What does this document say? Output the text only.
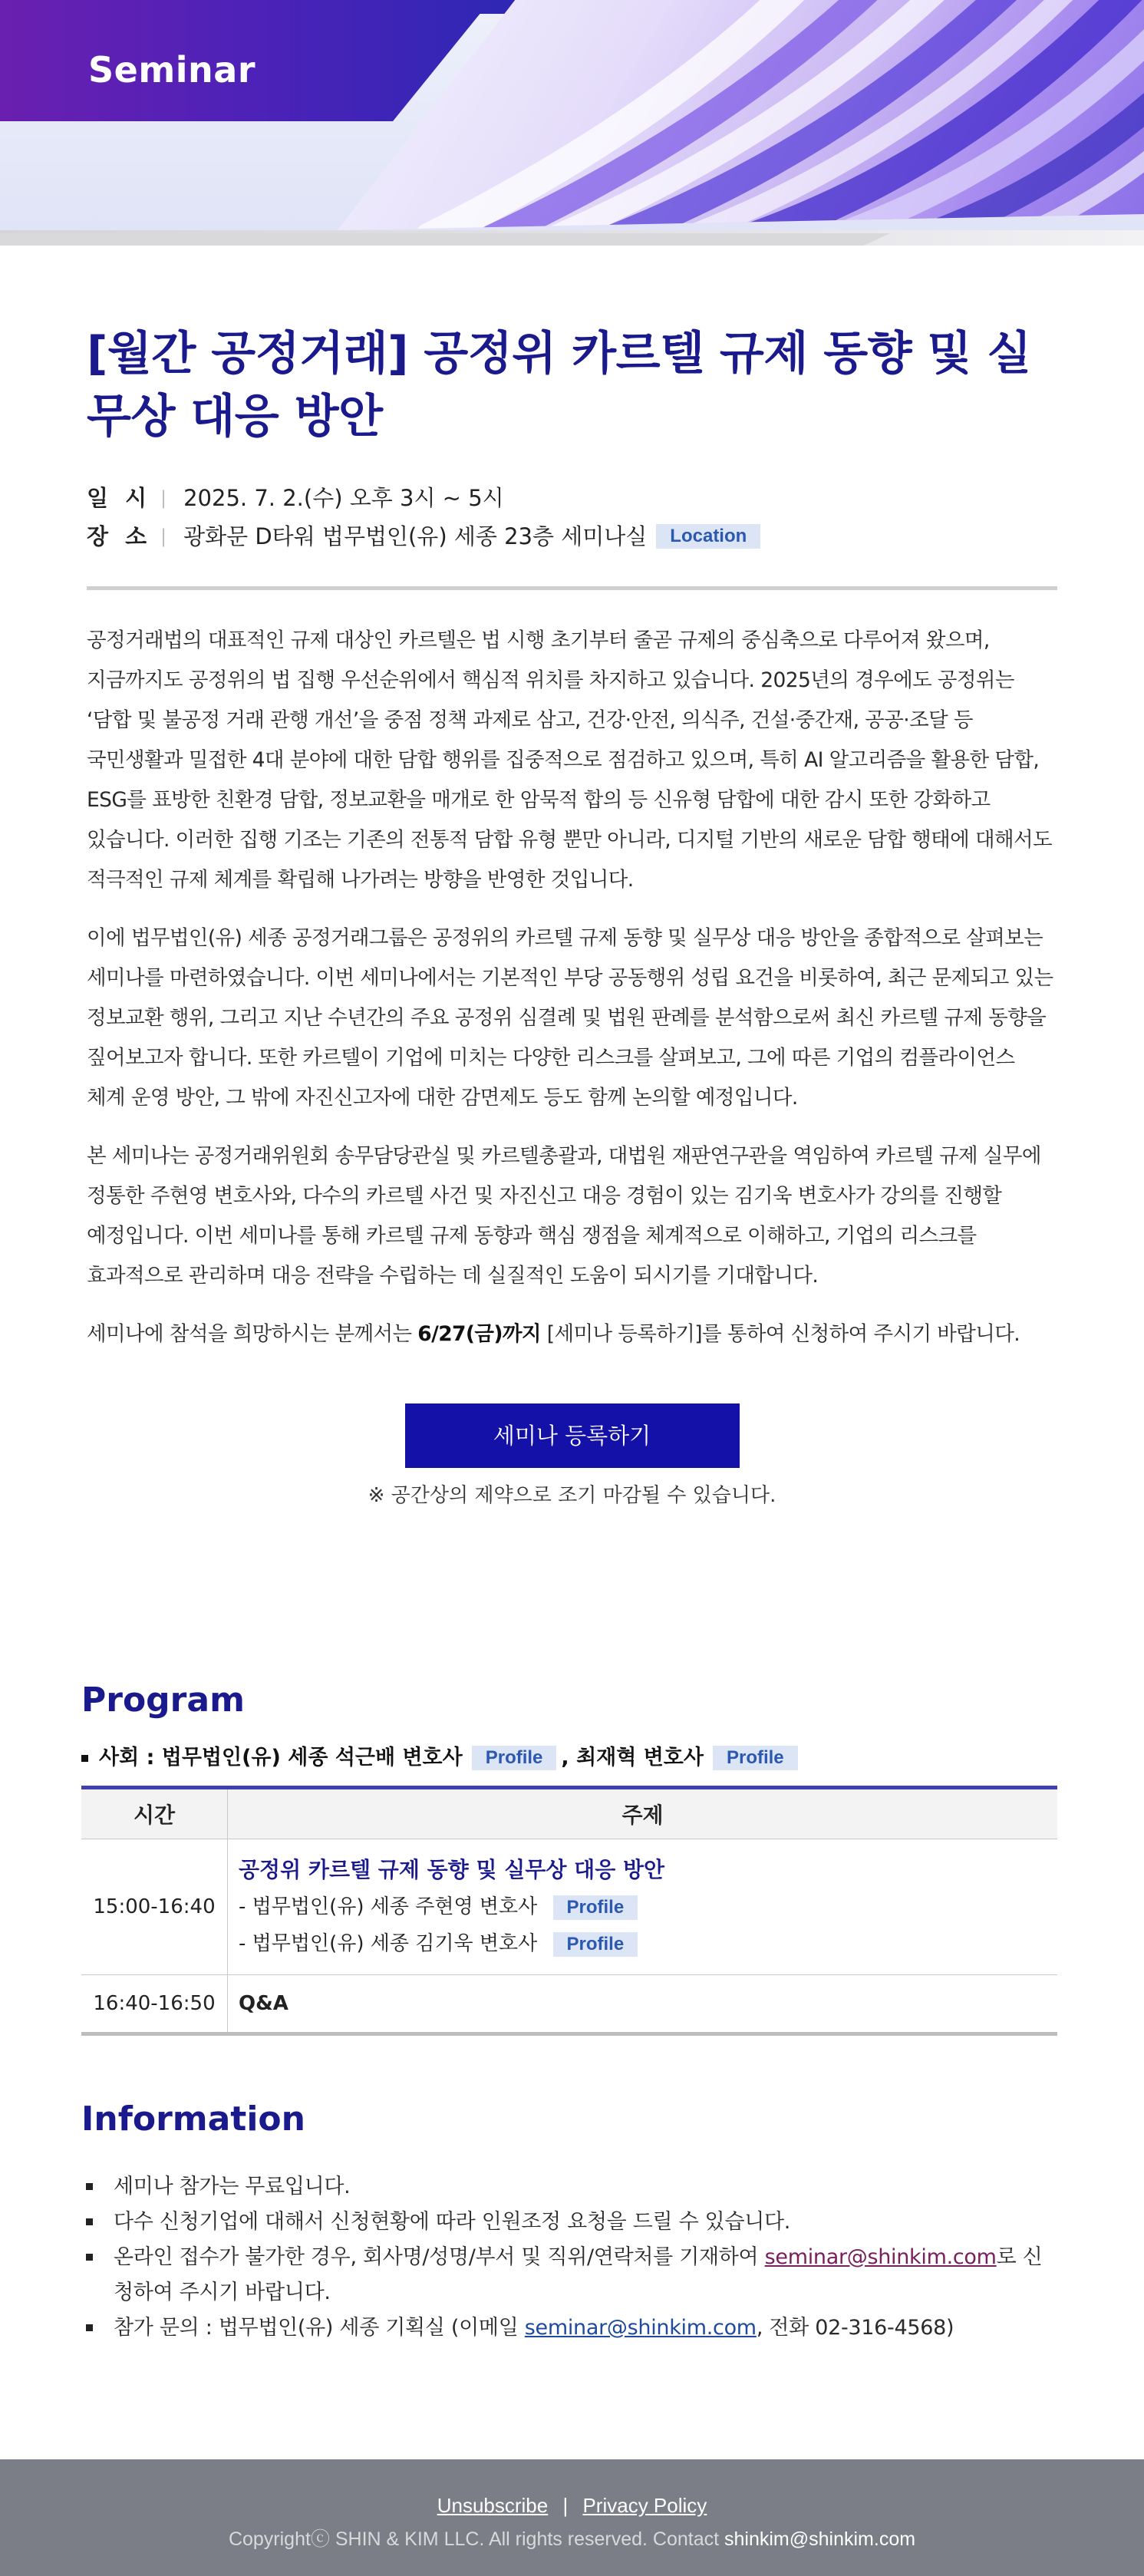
Seminar
[월간 공정거래] 공정위 카르텔 규제 동향 및 실무상 대응 방안
일 시 | 2025. 7. 2.(수) 오후 3시 ~ 5시
장 소 | 광화문 D타워 법무법인(유) 세종 23층 세미나실	Location

공정거래법의 대표적인 규제 대상인 카르텔은 법 시행 초기부터 줄곧 규제의 중심축으로 다루어져 왔으며, 지금까지도 공정위의 법 집행 우선순위에서 핵심적 위치를 차지하고 있습니다. 2025년의 경우에도 공정위는 ‘담합 및 불공정 거래 관행 개선’을 중점 정책 과제로 삼고, 건강·안전, 의식주, 건설·중간재, 공공·조달 등 국민생활과 밀접한 4대 분야에 대한 담합 행위를 집중적으로 점검하고 있으며, 특히 AI 알고리즘을 활용한 담합, ESG를 표방한 친환경 담합, 정보교환을 매개로 한 암묵적 합의 등 신유형 담합에 대한 감시 또한 강화하고 있습니다. 이러한 집행 기조는 기존의 전통적 담합 유형 뿐만 아니라, 디지털 기반의 새로운 담합 행태에 대해서도 적극적인 규제 체계를 확립해 나가려는 방향을 반영한 것입니다.

이에 법무법인(유) 세종 공정거래그룹은 공정위의 카르텔 규제 동향 및 실무상 대응 방안을 종합적으로 살펴보는 세미나를 마련하였습니다. 이번 세미나에서는 기본적인 부당 공동행위 성립 요건을 비롯하여, 최근 문제되고 있는 정보교환 행위, 그리고 지난 수년간의 주요 공정위 심결례 및 법원 판례를 분석함으로써 최신 카르텔 규제 동향을 짚어보고자 합니다. 또한 카르텔이 기업에 미치는 다양한 리스크를 살펴보고, 그에 따른 기업의 컴플라이언스 체계 운영 방안, 그 밖에 자진신고자에 대한 감면제도 등도 함께 논의할 예정입니다.

본 세미나는 공정거래위원회 송무담당관실 및 카르텔총괄과, 대법원 재판연구관을 역임하여 카르텔 규제 실무에 정통한 주현영 변호사와, 다수의 카르텔 사건 및 자진신고 대응 경험이 있는 김기욱 변호사가 강의를 진행할 예정입니다. 이번 세미나를 통해 카르텔 규제 동향과 핵심 쟁점을 체계적으로 이해하고, 기업의 리스크를 효과적으로 관리하며 대응 전략을 수립하는 데 실질적인 도움이 되시기를 기대합니다.

세미나에 참석을 희망하시는 분께서는 6/27(금)까지 [세미나 등록하기]를 통하여 신청하여 주시기 바랍니다.

세미나 등록하기
※ 공간상의 제약으로 조기 마감될 수 있습니다.
Program
사회 : 법무법인(유) 세종 석근배 변호사	Profile , 최재혁 변호사	Profile
시간	주제
15:00-16:40	공정위 카르텔 규제 동향 및 실무상 대응 방안
- 법무법인(유) 세종 주현영 변호사 Profile
- 법무법인(유) 세종 김기욱 변호사 Profile

16:40-16:50	Q&A
Information
세미나 참가는 무료입니다.
다수 신청기업에 대해서 신청현황에 따라 인원조정 요청을 드릴 수 있습니다.
온라인 접수가 불가한 경우, 회사명/성명/부서 및 직위/연락처를 기재하여 seminar@shinkim.com로 신청하여 주시기 바랍니다.
참가 문의 : 법무법인(유) 세종 기획실 (이메일 seminar@shinkim.com, 전화 02-316-4568)
Unsubscribe | Privacy Policy
Copyrightⓒ SHIN & KIM LLC. All rights reserved. Contact shinkim@shinkim.com
